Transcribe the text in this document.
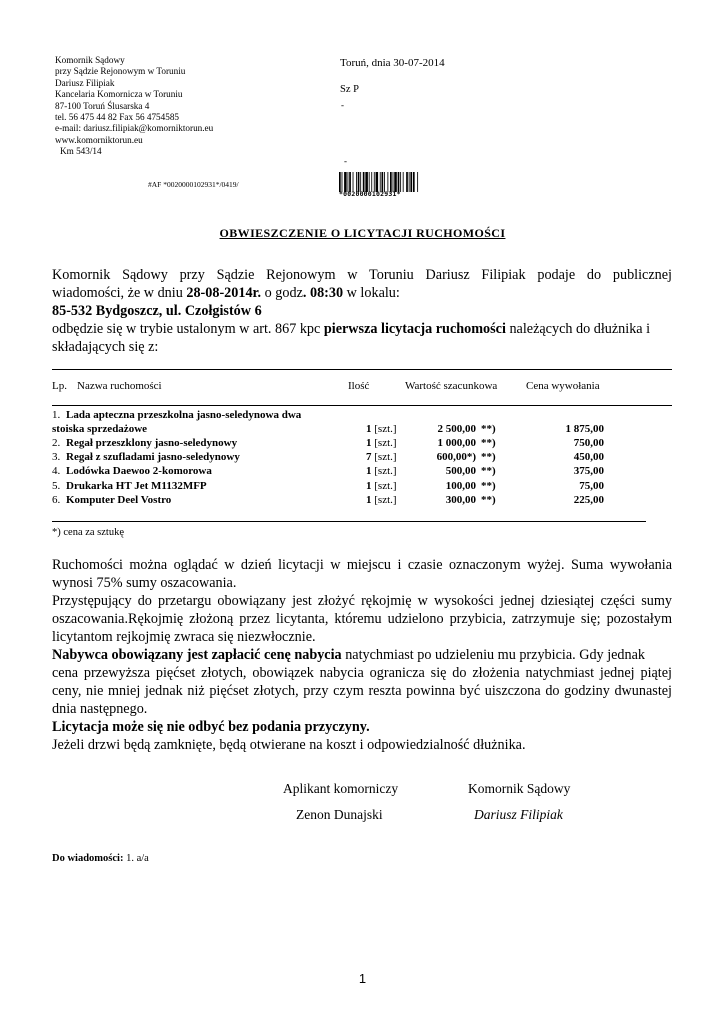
Komornik Sądowy
przy Sądzie Rejonowym w Toruniu
Dariusz Filipiak
Kancelaria Komornicza w Toruniu
87-100 Toruń Ślusarska 4
tel. 56 475 44 82 Fax 56 4754585
e-mail: dariusz.filipiak@komorniktorun.eu
www.komorniktorun.eu
Km 543/14
Toruń, dnia 30-07-2014
Sz P
-
-
#AF *0020000102931*/0419/
*0020000102931*
OBWIESZCZENIE O LICYTACJI RUCHOMOŚCI
Komornik Sądowy przy Sądzie Rejonowym w Toruniu Dariusz Filipiak podaje do publicznej
wiadomości, że w dniu 28-08-2014r. o godz. 08:30 w lokalu:
85-532 Bydgoszcz, ul. Czołgistów 6
odbędzie się w trybie ustalonym w art. 867 kpc pierwsza licytacja ruchomości należących do dłużnika i
składających się z:
Lp. Nazwa ruchomości	Ilość	Wartość szacunkowa	Cena wywołania
1. Lada apteczna przeszkolna jasno-seledynowa dwa
stoiska sprzedażowe	1 [szt.]	2 500,00 **)	1 875,00
2. Regał przeszklony jasno-seledynowy	1 [szt.]	1 000,00 **)	750,00
3. Regał z szufladami jasno-seledynowy	7 [szt.]	600,00*) **)	450,00
4. Lodówka Daewoo 2-komorowa	1 [szt.]	500,00 **)	375,00
5. Drukarka HT Jet M1132MFP	1 [szt.]	100,00 **)	75,00
6. Komputer Deel Vostro	1 [szt.]	300,00 **)	225,00
*) cena za sztukę

Ruchomości można oglądać w dzień licytacji w miejscu i czasie oznaczonym wyżej. Suma wywołania

wynosi 75% sumy oszacowania.

Przystępujący do przetargu obowiązany jest złożyć rękojmię w wysokości jednej dziesiątej części sumy

oszacowania.Rękojmię złożoną przez licytanta, któremu udzielono przybicia, zatrzymuje się; pozostałym

licytantom rejkojmię zwraca się niezwłocznie.

Nabywca obowiązany jest zapłacić cenę nabycia natychmiast po udzieleniu mu przybicia. Gdy jednak

cena przewyższa pięćset złotych, obowiązek nabycia ogranicza się do złożenia natychmiast jednej piątej

ceny, nie mniej jednak niż pięćset złotych, przy czym reszta powinna być uiszczona do godziny dwunastej

dnia następnego.

Licytacja może się nie odbyć bez podania przyczyny.

Jeżeli drzwi będą zamknięte, będą otwierane na koszt i odpowiedzialność dłużnika.

Aplikant komorniczy
Zenon Dunajski
Komornik Sądowy
Dariusz Filipiak
Do wiadomości: 1. a/a
1
